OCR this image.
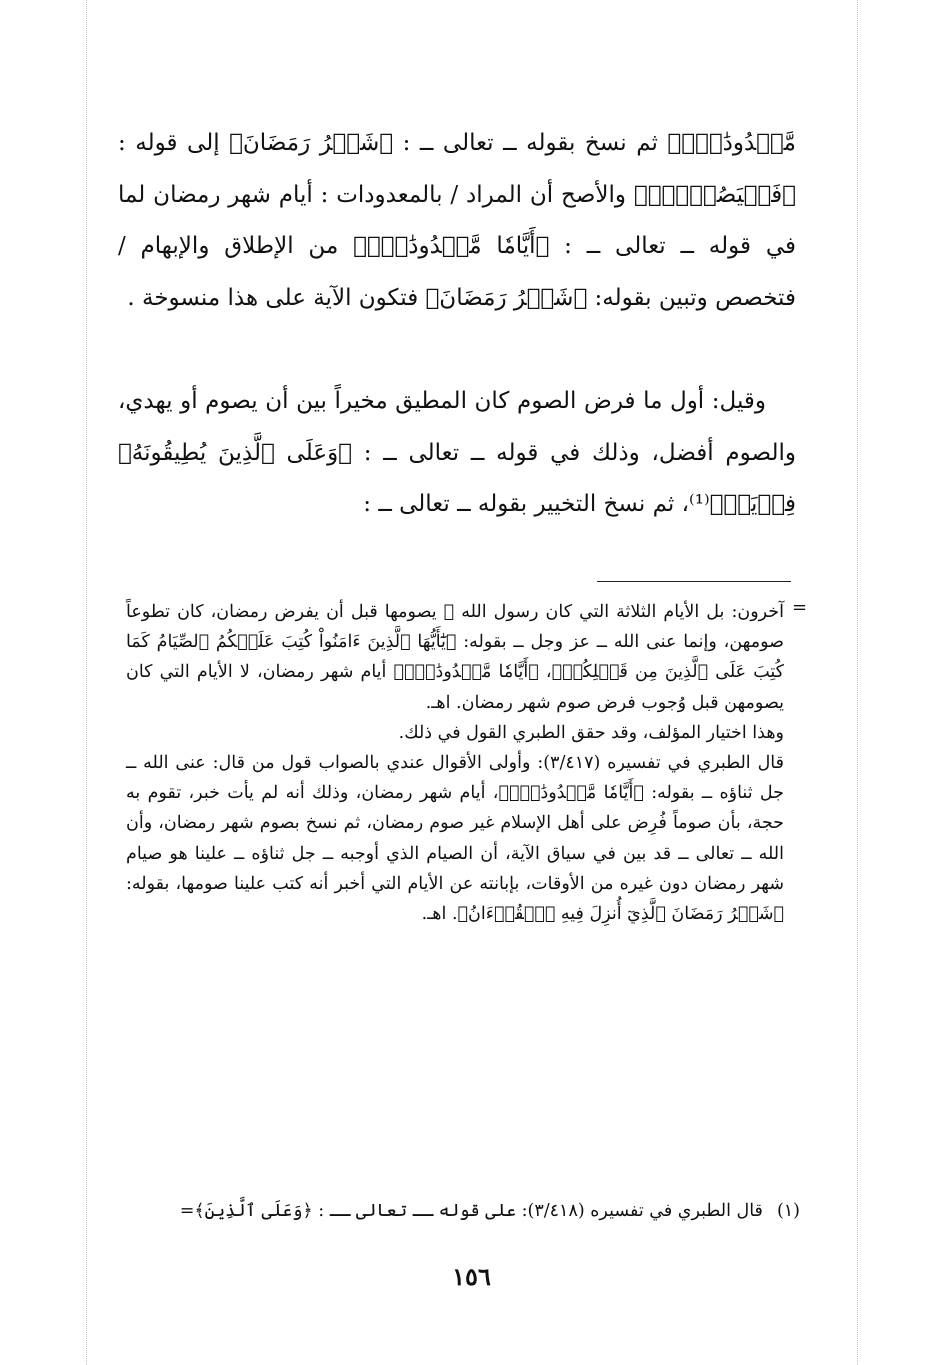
مَّعۡدُودَٰتٍۚ﴾ ثم نسخ بقوله ــ تعالى ــ : ﴿شَهۡرُ رَمَضَانَ﴾ إلى قوله : ﴿فَلۡيَصُمۡهُۖ﴾ والأصح أن المراد / بالمعدودات : أيام شهر رمضان لما في قوله ــ تعالى ــ : ﴿أَيَّامٗا مَّعۡدُودَٰتٖۚ﴾ من الإطلاق والإبهام / فتخصص وتبين بقوله: ﴿شَهۡرُ رَمَضَانَ﴾ فتكون الآية على هذا منسوخة .

وقيل: أول ما فرض الصوم كان المطيق مخيراً بين أن يصوم أو يهدي، والصوم أفضل، وذلك في قوله ــ تعالى ــ : ﴿وَعَلَى ٱلَّذِينَ يُطِيقُونَهُۥ فِدۡيَةٞ﴾⁽¹⁾، ثم نسخ التخيير بقوله ــ تعالى ــ :

=

آخرون: بل الأيام الثلاثة التي كان رسول الله ﷺ يصومها قبل أن يفرض رمضان، كان تطوعاً صومهن، وإنما عنى الله ــ عز وجل ــ بقوله: ﴿يَٰٓأَيُّهَا ٱلَّذِينَ ءَامَنُواْ كُتِبَ عَلَيۡكُمُ ٱلصِّيَامُ كَمَا كُتِبَ عَلَى ٱلَّذِينَ مِن قَبۡلِكُمۡ﴾، ﴿أَيَّامٗا مَّعۡدُودَٰتٖۚ﴾ أيام شهر رمضان، لا الأيام التي كان يصومهن قبل وُجوب فرض صوم شهر رمضان. اهـ.

وهذا اختيار المؤلف، وقد حقق الطبري القول في ذلك.

قال الطبري في تفسيره (٣/٤١٧): وأولى الأقوال عندي بالصواب قول من قال: عنى الله ــ جل ثناؤه ــ بقوله: ﴿أَيَّامٗا مَّعۡدُودَٰتٖۚ﴾، أيام شهر رمضان، وذلك أنه لم يأت خبر، تقوم به حجة، بأن صوماً فُرِض على أهل الإسلام غير صوم رمضان، ثم نسخ بصوم شهر رمضان، وأن الله ــ تعالى ــ قد بين في سياق الآية، أن الصيام الذي أوجبه ــ جل ثناؤه ــ علينا هو صيام شهر رمضان دون غيره من الأوقات، بإبانته عن الأيام التي أخبر أنه كتب علينا صومها، بقوله: ﴿شَهۡرُ رَمَضَانَ ٱلَّذِيٓ أُنزِلَ فِيهِ ٱلۡقُرۡءَانُ﴾. اهـ.

(١)قال الطبري في تفسيره (٣/٤١٨): على قوله ــ تعالى ــ : ﴿وَعَلَى ٱلَّذِينَ﴾=
١٥٦
